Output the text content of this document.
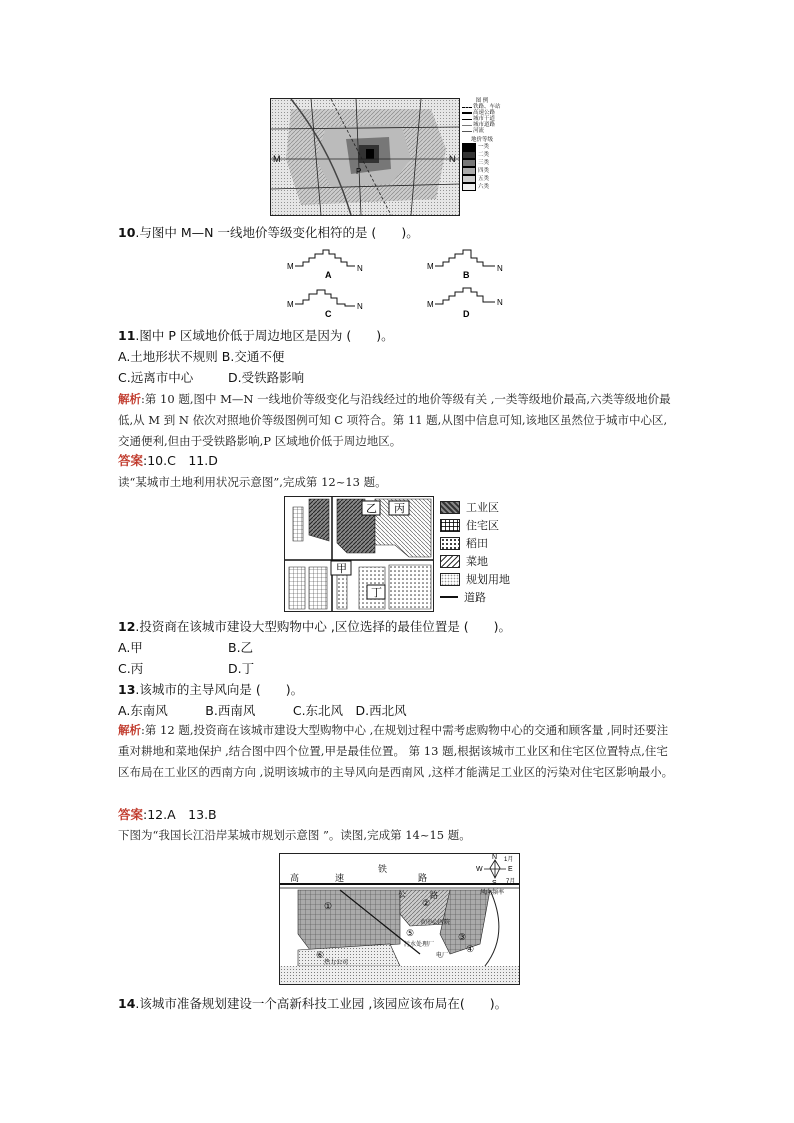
M	N
P
图 例
铁路、车站
高速公路
城市干道
城市道路
河流
地价等级
一类
二类
三类
四类
五类
六类
10.与图中 M—N 一线地价等级变化相符的是 (　　)。
M	N
A
M	N
B
M	N
C
M	N
D
11.图中 P 区域地价低于周边地区是因为 (　　)。
A.土地形状不规则 B.交通不便
C.远离市中心	D.受铁路影响
解析:第 10 题,图中 M—N 一线地价等级变化与沿线经过的地价等级有关 ,一类等级地价最高,六类等级地价最低,从 M 到 N 依次对照地价等级图例可知 C 项符合。第 11 题,从图中信息可知,该地区虽然位于城市中心区,交通便利,但由于受铁路影响,P 区域地价低于周边地区。
答案:10.C　11.D
读“某城市土地利用状况示意图”,完成第 12~13 题。
乙 丙
甲
丁
工业区
住宅区
稻田
菜地
规划用地
道路
12.投资商在该城市建设大型购物中心 ,区位选择的最佳位置是 (　　)。
A.甲	B.乙
C.丙	D.丁
13.该城市的主导风向是 (　　)。
A.东南风　　　B.西南风　　　C.东北风　D.西北风
解析:第 12 题,投资商在该城市建设大型购物中心 ,在规划过程中需考虑购物中心的交通和顾客量 ,同时还要注重对耕地和菜地保护 ,结合图中四个位置,甲是最佳位置。 第 13 题,根据该城市工业区和住宅区位置特点,住宅区布局在工业区的西南方向 ,说明该城市的主导风向是西南风 ,这样才能满足工业区的污染对住宅区影响最小。
答案:12.A　13.B
下图为“我国长江沿岸某城市规划示意图 ”。读图,完成第 14~15 题。
高	速
铁
路
公	路
①	②
③
④
⑤
⑥
市中心医院
污水处理厂
热力公司
电厂
N
S
E
W
1月
7月
风向频率
14.该城市准备规划建设一个高新科技工业园 ,该园应该布局在(　　)。
